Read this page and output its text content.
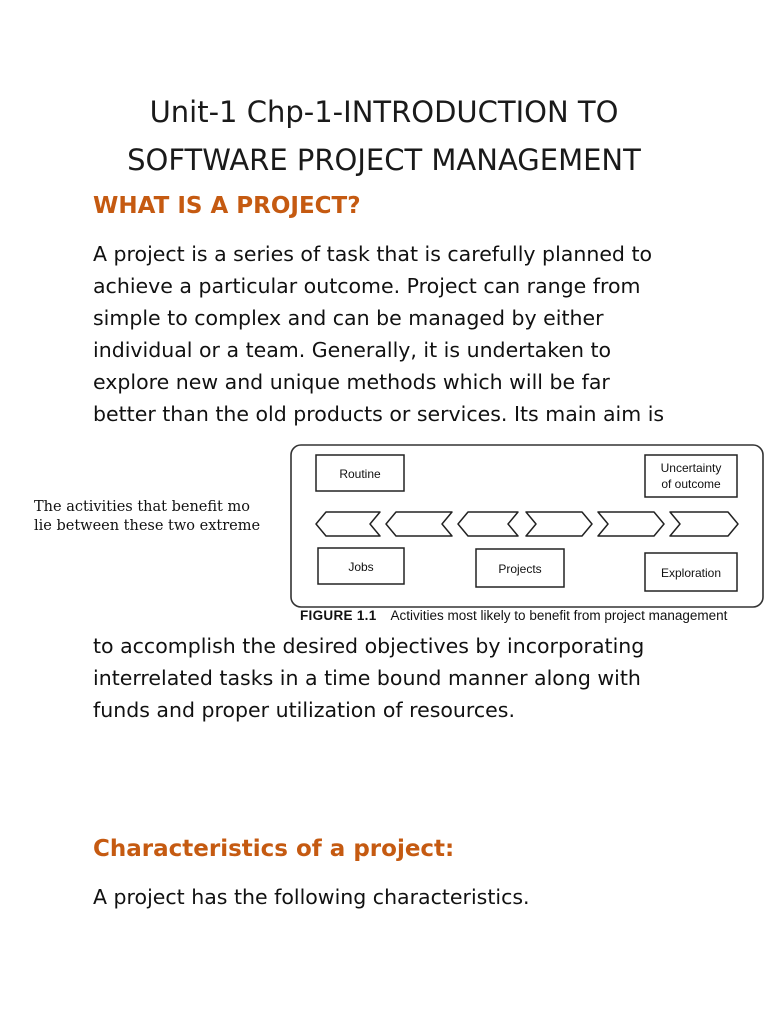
Unit-1 Chp-1-INTRODUCTION TO
SOFTWARE PROJECT MANAGEMENT
WHAT IS A PROJECT?
A project is a series of task that is carefully planned to
achieve a particular outcome. Project can range from
simple to complex and can be managed by either
individual or a team. Generally, it is undertaken to
explore new and unique methods which will be far
better than the old products or services. Its main aim is
The activities that benefit mo
lie between these two extreme
Routine	Uncertainty
of outcome
Jobs	Projects	Exploration
FIGURE 1.1 Activities most likely to benefit from project management
to accomplish the desired objectives by incorporating
interrelated tasks in a time bound manner along with
funds and proper utilization of resources.
Characteristics of a project:
A project has the following characteristics.
